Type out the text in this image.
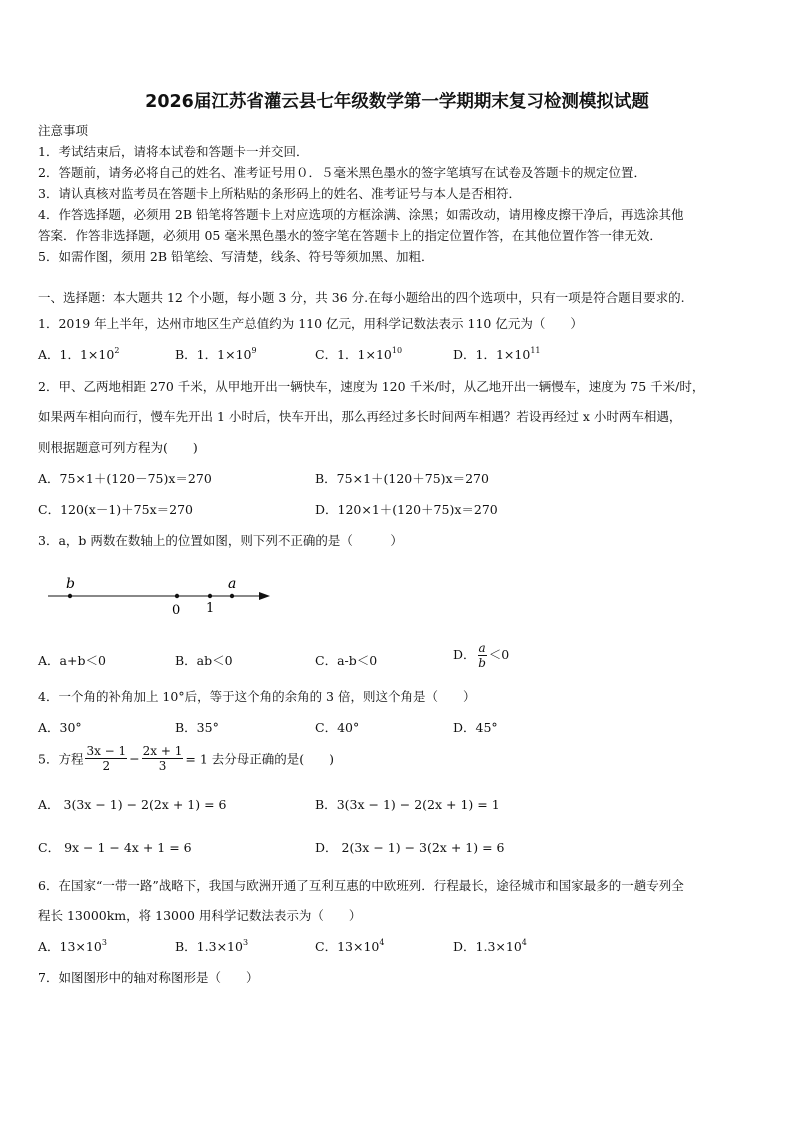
2026届江苏省灌云县七年级数学第一学期期末复习检测模拟试题
注意事项
1．考试结束后，请将本试卷和答题卡一并交回．
2．答题前，请务必将自己的姓名、准考证号用０．５毫米黑色墨水的签字笔填写在试卷及答题卡的规定位置．
3．请认真核对监考员在答题卡上所粘贴的条形码上的姓名、准考证号与本人是否相符．
4．作答选择题，必须用 2B 铅笔将答题卡上对应选项的方框涂满、涂黑；如需改动，请用橡皮擦干净后，再选涂其他
答案．作答非选择题，必须用 05 毫米黑色墨水的签字笔在答题卡上的指定位置作答，在其他位置作答一律无效．
5．如需作图，须用 2B 铅笔绘、写清楚，线条、符号等须加黑、加粗．
一、选择题：本大题共 12 个小题，每小题 3 分，共 36 分.在每小题给出的四个选项中，只有一项是符合题目要求的.
1．2019 年上半年，达州市地区生产总值约为 110 亿元，用科学记数法表示 110 亿元为（　　）
A．1．$1\times 10^2$	B．1．$1\times 10^9$	C．1．$1\times 10^{10}$	D．1．$1\times 10^{11}$
2．甲、乙两地相距 270 千米，从甲地开出一辆快车，速度为 120 千米/时，从乙地开出一辆慢车，速度为 75 千米/时，
如果两车相向而行，慢车先开出 1 小时后，快车开出，那么再经过多长时间两车相遇？若设再经过 x 小时两车相遇，
则根据题意可列方程为(　　)
A．75×1＋(120－75)x＝270	B．75×1＋(120＋75)x＝270
C．120(x－1)＋75x＝270	D．120×1＋(120＋75)x＝270
3．a，b 两数在数轴上的位置如图，则下列不正确的是（　　　）
b	a
0 1
A．a+b＜0	B．ab＜0	C．a-b＜0	D． $\frac{a}{b} <0$
4．一个角的补角加上 10°后，等于这个角的余角的 3 倍，则这个角是（　　）
A．30°	B．35°	C．40°	D．45°
5．方程 $\frac{3x - 1}{2} - \frac{2x + 1}{3} = 1$ 去分母正确的是(　　)
A． 3(3x − 1) − 2(2x + 1) = 6	B．3(3x − 1) − 2(2x + 1) = 1
C． 9x − 1 − 4x + 1 = 6	D． 2(3x − 1) − 3(2x + 1) = 6
6．在国家“一带一路”战略下，我国与欧洲开通了互利互惠的中欧班列．行程最长，途径城市和国家最多的一趟专列全
程长 13000km，将 13000 用科学记数法表示为（　　）
A．$13\times 10^3$	B．$1.3\times 10^3$	C．$13\times 10^4$	D．$1.3\times 10^4$
7．如图图形中的轴对称图形是（　　）
